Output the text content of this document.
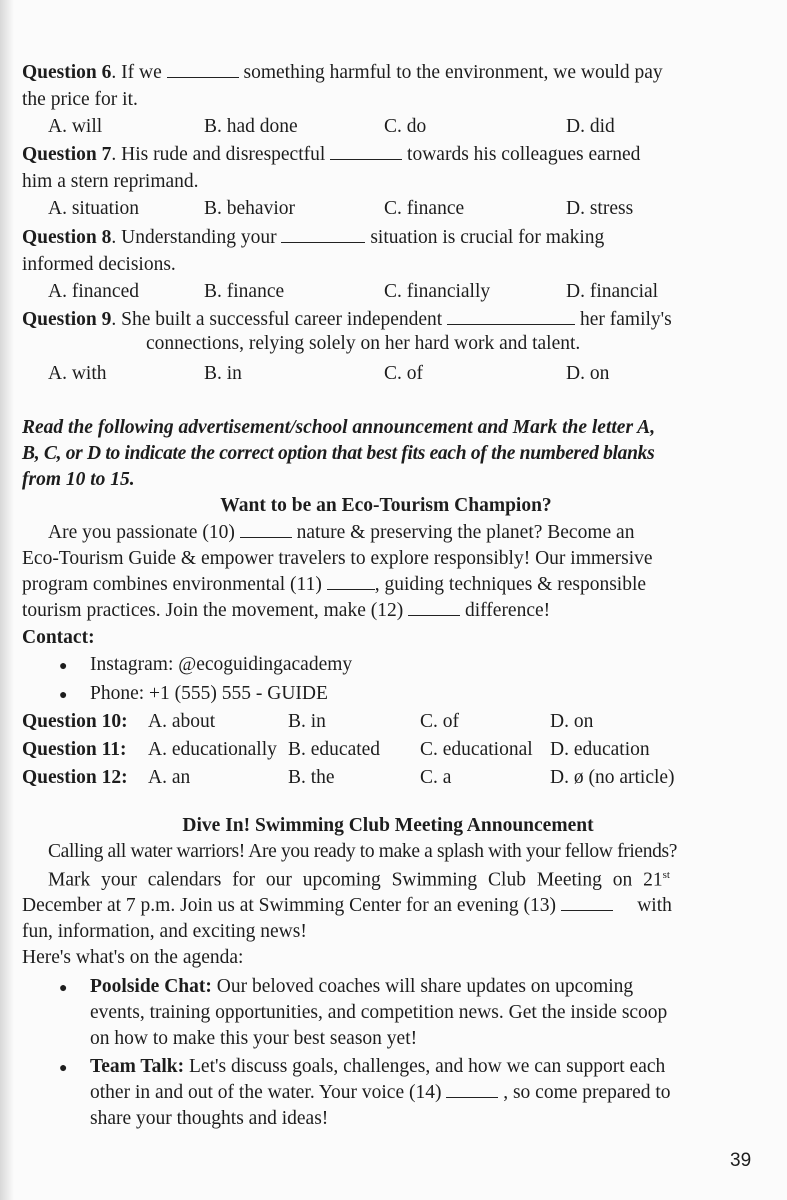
Question 6. If we	something harmful to the environment, we would pay
the price for it.
A. will	B. had done	C. do	D. did
Question 7. His rude and disrespectful	towards his colleagues earned
him a stern reprimand.
A. situation	B. behavior	C. finance	D. stress
Question 8. Understanding your	situation is crucial for making
informed decisions.
A. financed	B. finance	C. financially	D. financial
Question 9. She built a successful career independent	her family's
connections, relying solely on her hard work and talent.
A. with	B. in	C. of	D. on
Read the following advertisement/school announcement and Mark the letter A,
B, C, or D to indicate the correct option that best fits each of the numbered blanks
from 10 to 15.
Want to be an Eco-Tourism Champion?
Are you passionate (10)	nature & preserving the planet? Become an
Eco-Tourism Guide & empower travelers to explore responsibly! Our immersive
program combines environmental (11)	, guiding techniques & responsible
tourism practices. Join the movement, make (12)	difference!
Contact:
● Instagram: @ecoguidingacademy
● Phone: +1 (555) 555 - GUIDE
Question 10: A. about	B. in	C. of	D. on
Question 11: A. educationally B. educated C. educational D. education
Question 12: A. an	B. the	C. a	D. ø (no article)
Dive In! Swimming Club Meeting Announcement
Calling all water warriors! Are you ready to make a splash with your fellow friends?
Mark your calendars for our upcoming Swimming Club Meeting on 21st
December at 7 p.m. Join us at Swimming Center for an evening (13)	with
fun, information, and exciting news!
Here's what's on the agenda:
● Poolside Chat: Our beloved coaches will share updates on upcoming
events, training opportunities, and competition news. Get the inside scoop
on how to make this your best season yet!
● Team Talk: Let's discuss goals, challenges, and how we can support each
other in and out of the water. Your voice (14)	, so come prepared to
share your thoughts and ideas!
39
